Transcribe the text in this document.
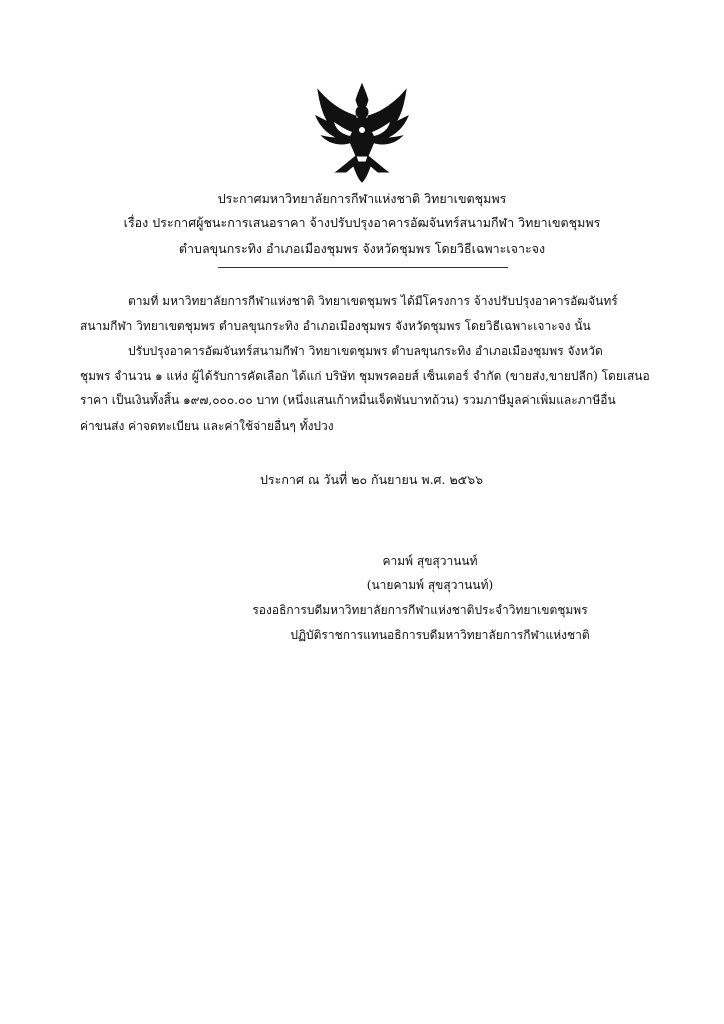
ประกาศมหาวิทยาลัยการกีฬาแห่งชาติ วิทยาเขตชุมพร
เรื่อง ประกาศผู้ชนะการเสนอราคา จ้างปรับปรุงอาคารอัฒจันทร์สนามกีฬา วิทยาเขตชุมพร
ตำบลขุนกระทิง อำเภอเมืองชุมพร จังหวัดชุมพร โดยวิธีเฉพาะเจาะจง
ตามที่ มหาวิทยาลัยการกีฬาแห่งชาติ วิทยาเขตชุมพร ได้มีโครงการ จ้างปรับปรุงอาคารอัฒจันทร์
สนามกีฬา วิทยาเขตชุมพร ตำบลขุนกระทิง อำเภอเมืองชุมพร จังหวัดชุมพร โดยวิธีเฉพาะเจาะจง นั้น
ปรับปรุงอาคารอัฒจันทร์สนามกีฬา วิทยาเขตชุมพร ตำบลขุนกระทิง อำเภอเมืองชุมพร จังหวัด
ชุมพร จำนวน ๑ แห่ง ผู้ได้รับการคัดเลือก ได้แก่ บริษัท ชุมพรคอยส์ เซ็นเตอร์ จำกัด (ขายส่ง,ขายปลีก) โดยเสนอ
ราคา เป็นเงินทั้งสิ้น ๑๙๗,๐๐๐.๐๐ บาท (หนึ่งแสนเก้าหมื่นเจ็ดพันบาทถ้วน) รวมภาษีมูลค่าเพิ่มและภาษีอื่น
ค่าขนส่ง ค่าจดทะเบียน และค่าใช้จ่ายอื่นๆ ทั้งปวง
ประกาศ ณ วันที่ ๒๐ กันยายน พ.ศ. ๒๕๖๖
คามพ์ สุขสุวานนท์
(นายคามพ์ สุขสุวานนท์)
รองอธิการบดีมหาวิทยาลัยการกีฬาแห่งชาติประจำวิทยาเขตชุมพร
ปฏิบัติราชการแทนอธิการบดีมหาวิทยาลัยการกีฬาแห่งชาติ
